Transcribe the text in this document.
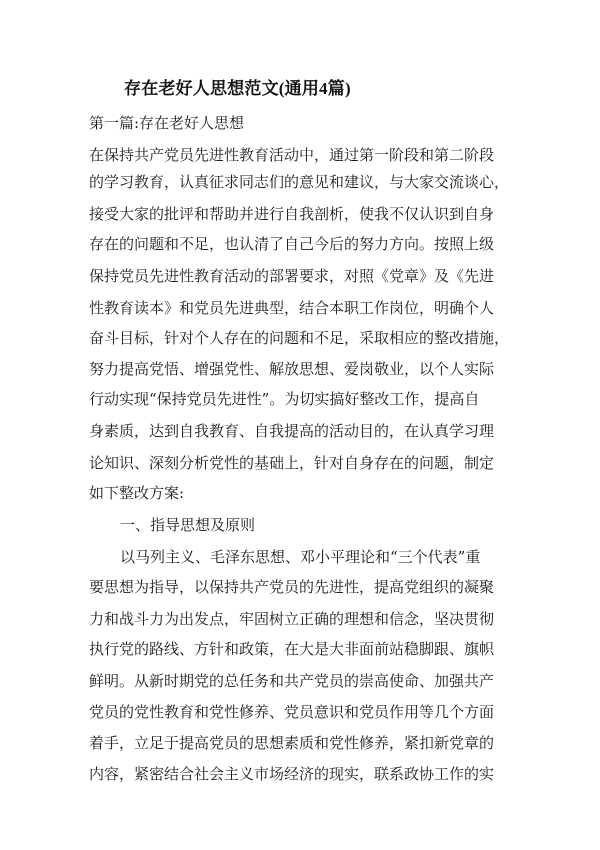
存在老好人思想范文(通用4篇)
第一篇:存在老好人思想
在保持共产党员先进性教育活动中，通过第一阶段和第二阶段
的学习教育，认真征求同志们的意见和建议，与大家交流谈心，
接受大家的批评和帮助并进行自我剖析，使我不仅认识到自身
存在的问题和不足，也认清了自己今后的努力方向。按照上级
保持党员先进性教育活动的部署要求，对照《党章》及《先进
性教育读本》和党员先进典型，结合本职工作岗位，明确个人
奋斗目标，针对个人存在的问题和不足，采取相应的整改措施，
努力提高党悟、增强党性、解放思想、爱岗敬业，以个人实际
行动实现“保持党员先进性”。为切实搞好整改工作，提高自
身素质，达到自我教育、自我提高的活动目的，在认真学习理
论知识、深刻分析党性的基础上，针对自身存在的问题，制定
如下整改方案:
一、指导思想及原则
以马列主义、毛泽东思想、邓小平理论和“三个代表”重
要思想为指导，以保持共产党员的先进性，提高党组织的凝聚
力和战斗力为出发点，牢固树立正确的理想和信念，坚决贯彻
执行党的路线、方针和政策，在大是大非面前站稳脚跟、旗帜
鲜明。从新时期党的总任务和共产党员的崇高使命、加强共产
党员的党性教育和党性修养、党员意识和党员作用等几个方面
着手，立足于提高党员的思想素质和党性修养，紧扣新党章的
内容，紧密结合社会主义市场经济的现实，联系政协工作的实
